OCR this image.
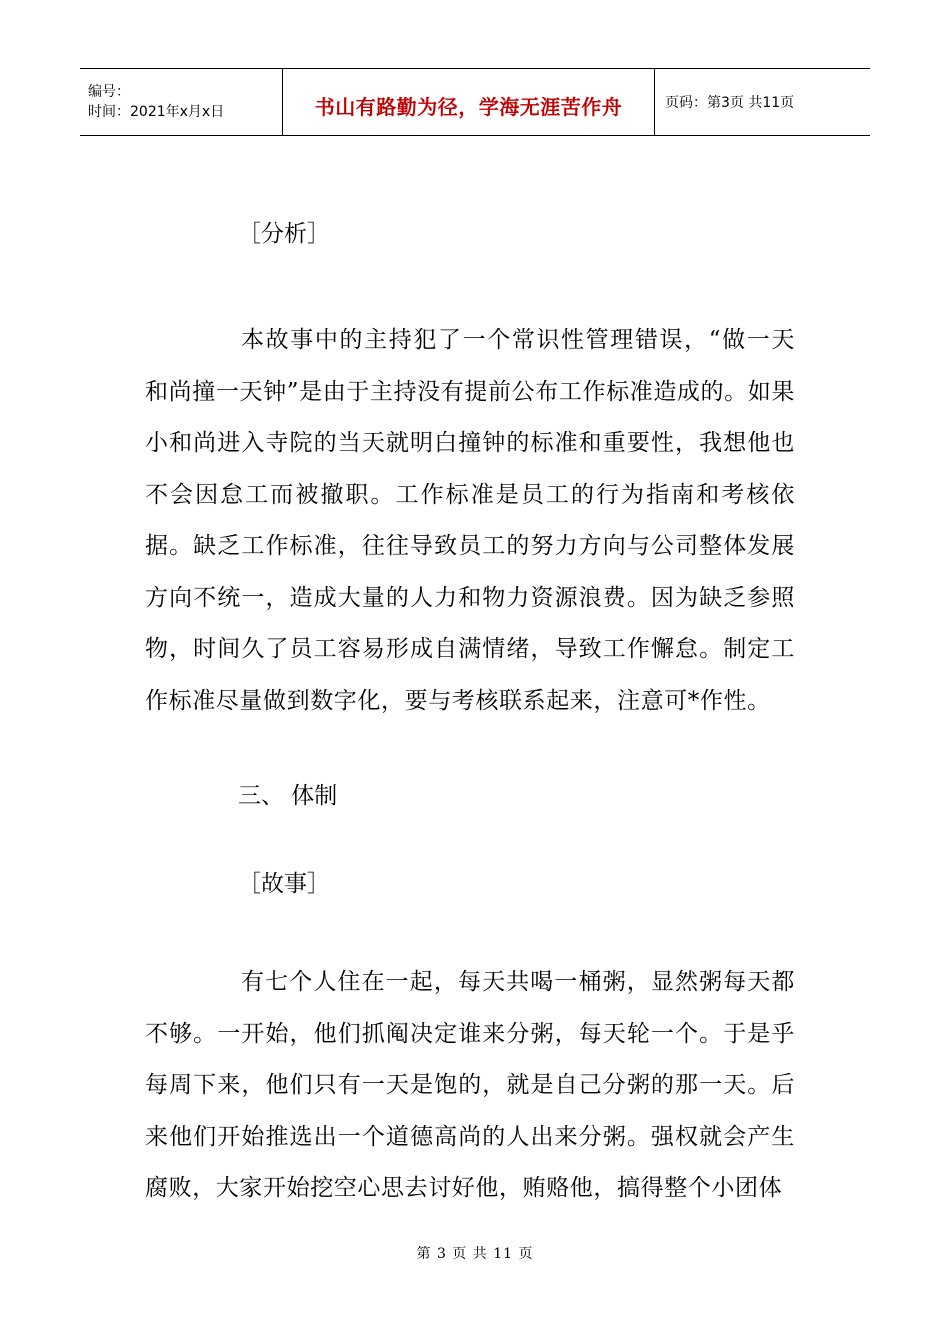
编号：
时间：2021年x月x日	书山有路勤为径，学海无涯苦作舟	页码：第3页 共11页

［分析］

本故事中的主持犯了一个常识性管理错误，“做一天和尚撞一天钟”是由于主持没有提前公布工作标准造成的。如果小和尚进入寺院的当天就明白撞钟的标准和重要性，我想他也不会因怠工而被撤职。工作标准是员工的行为指南和考核依据。缺乏工作标准，往往导致员工的努力方向与公司整体发展方向不统一，造成大量的人力和物力资源浪费。因为缺乏参照物，时间久了员工容易形成自满情绪，导致工作懈怠。制定工作标准尽量做到数字化，要与考核联系起来，注意可*作性。

三、 体制

［故事］

有七个人住在一起，每天共喝一桶粥，显然粥每天都不够。一开始，他们抓阄决定谁来分粥，每天轮一个。于是乎每周下来，他们只有一天是饱的，就是自己分粥的那一天。后来他们开始推选出一个道德高尚的人出来分粥。强权就会产生腐败，大家开始挖空心思去讨好他，贿赂他，搞得整个小团体

第 3 页 共 11 页
